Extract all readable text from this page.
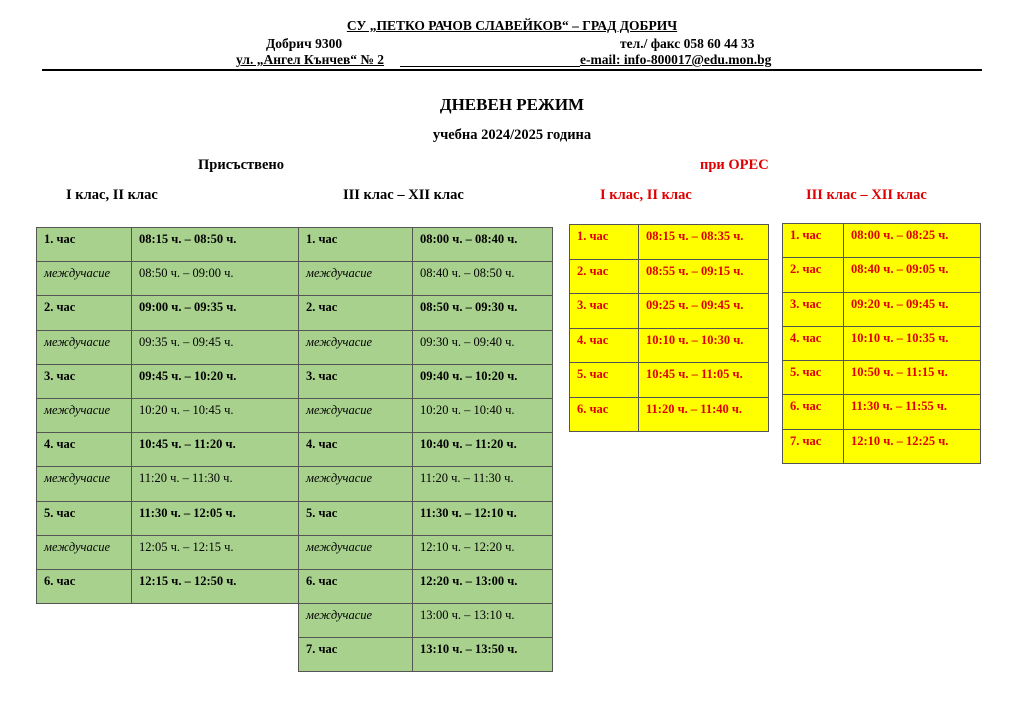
СУ „ПЕТКО РАЧОВ СЛАВЕЙКОВ“ – ГРАД ДОБРИЧ
Добрич 9300	тел./ факс 058 60 44 33
ул. „Ангел Кънчев“ № 2	e-mail: info-800017@edu.mon.bg
ДНЕВЕН РЕЖИМ
учебна 2024/2025 година
Присъствено	при ОРЕС
I клас, II клас	III клас – XII клас	I клас, II клас	III клас – XII клас
1. час	08:15 ч. – 08:50 ч.
междучасие	08:50 ч. – 09:00 ч.
2. час	09:00 ч. – 09:35 ч.
междучасие	09:35 ч. – 09:45 ч.
3. час	09:45 ч. – 10:20 ч.
междучасие	10:20 ч. – 10:45 ч.
4. час	10:45 ч. – 11:20 ч.
междучасие	11:20 ч. – 11:30 ч.
5. час	11:30 ч. – 12:05 ч.
междучасие	12:05 ч. – 12:15 ч.
6. час	12:15 ч. – 12:50 ч.
1. час	08:00 ч. – 08:40 ч.
междучасие	08:40 ч. – 08:50 ч.
2. час	08:50 ч. – 09:30 ч.
междучасие	09:30 ч. – 09:40 ч.
3. час	09:40 ч. – 10:20 ч.
междучасие	10:20 ч. – 10:40 ч.
4. час	10:40 ч. – 11:20 ч.
междучасие	11:20 ч. – 11:30 ч.
5. час	11:30 ч. – 12:10 ч.
междучасие	12:10 ч. – 12:20 ч.
6. час	12:20 ч. – 13:00 ч.
междучасие	13:00 ч. – 13:10 ч.
7. час	13:10 ч. – 13:50 ч.
1. час	08:15 ч. – 08:35 ч.
2. час	08:55 ч. – 09:15 ч.
3. час	09:25 ч. – 09:45 ч.
4. час	10:10 ч. – 10:30 ч.
5. час	10:45 ч. – 11:05 ч.
6. час	11:20 ч. – 11:40 ч.
1. час	08:00 ч. – 08:25 ч.
2. час	08:40 ч. – 09:05 ч.
3. час	09:20 ч. – 09:45 ч.
4. час	10:10 ч. – 10:35 ч.
5. час	10:50 ч. – 11:15 ч.
6. час	11:30 ч. – 11:55 ч.
7. час	12:10 ч. – 12:25 ч.
